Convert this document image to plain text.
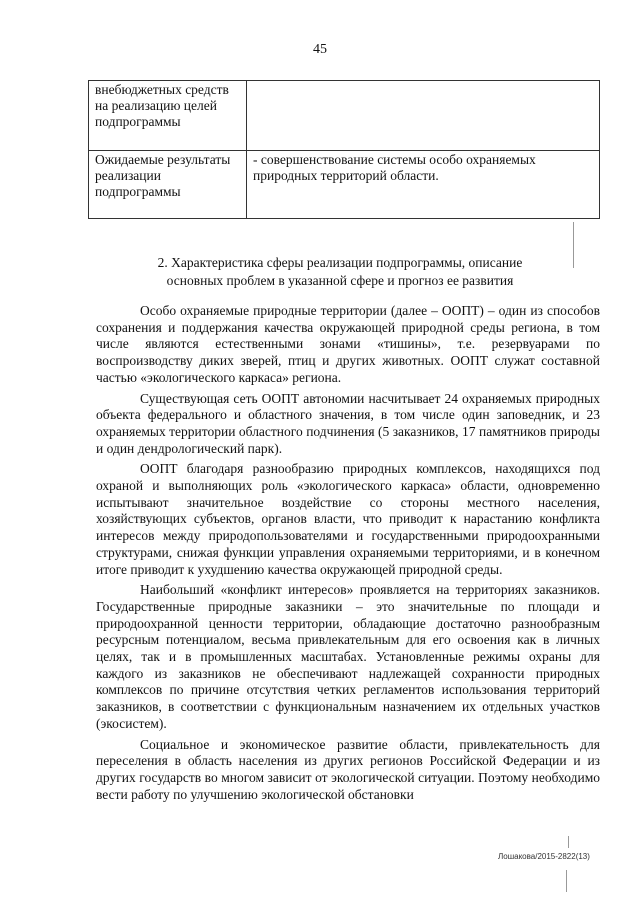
45
внебюджетных средств на реализацию целей подпрограммы	
Ожидаемые результаты реализации подпрограммы	- совершенствование системы особо охраняемых природных территорий области.
2. Характеристика сферы реализации подпрограммы, описание
основных проблем в указанной сфере и прогноз ее развития

Особо охраняемые природные территории (далее – ООПТ) – один из способов сохранения и поддержания качества окружающей природной среды региона, в том числе являются естественными зонами «тишины», т.е. резервуарами по воспроизводству диких зверей, птиц и других животных. ООПТ служат составной частью «экологического каркаса» региона.

Существующая сеть ООПТ автономии насчитывает 24 охраняемых природных объекта федерального и областного значения, в том числе один заповедник, и 23 охраняемых территории областного подчинения (5 заказников, 17 памятников природы и один дендрологический парк).

ООПТ благодаря разнообразию природных комплексов, находящихся под охраной и выполняющих роль «экологического каркаса» области, одновременно испытывают значительное воздействие со стороны местного населения, хозяйствующих субъектов, органов власти, что приводит к нарастанию конфликта интересов между природопользователями и государственными природоохранными структурами, снижая функции управления охраняемыми территориями, и в конечном итоге приводит к ухудшению качества окружающей природной среды.

Наибольший «конфликт интересов» проявляется на территориях заказников. Государственные природные заказники – это значительные по площади и природоохранной ценности территории, обладающие достаточно разнообразным ресурсным потенциалом, весьма привлекательным для его освоения как в личных целях, так и в промышленных масштабах. Установленные режимы охраны для каждого из заказников не обеспечивают надлежащей сохранности природных комплексов по причине отсутствия четких регламентов использования территорий заказников, в соответствии с функциональным назначением их отдельных участков (экосистем).

Социальное и экономическое развитие области, привлекательность для переселения в область населения из других регионов Российской Федерации и из других государств во многом зависит от экологической ситуации. Поэтому необходимо вести работу по улучшению экологической обстановки

Лошакова/2015-2822(13)
